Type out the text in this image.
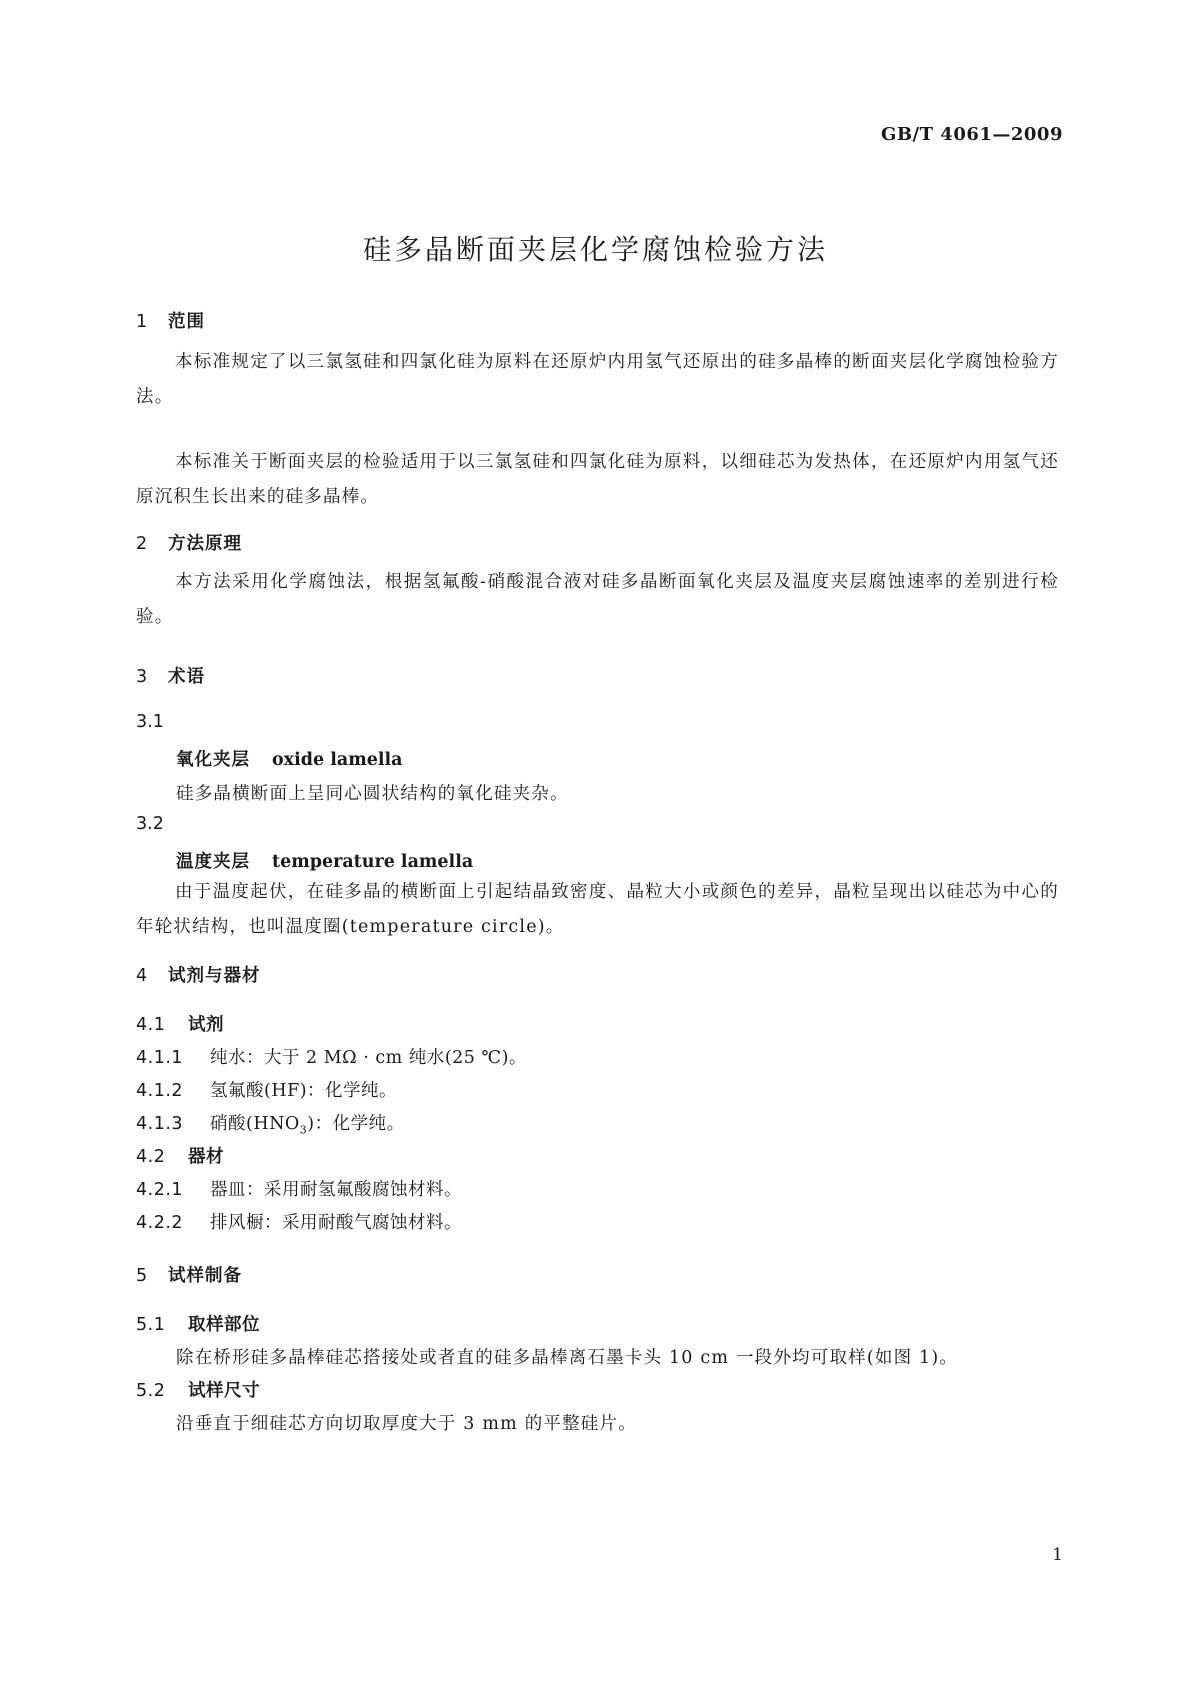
GB/T 4061—2009
硅多晶断面夹层化学腐蚀检验方法
1 范围

本标准规定了以三氯氢硅和四氯化硅为原料在还原炉内用氢气还原出的硅多晶棒的断面夹层化学腐蚀检验方法。

本标准关于断面夹层的检验适用于以三氯氢硅和四氯化硅为原料，以细硅芯为发热体，在还原炉内用氢气还原沉积生长出来的硅多晶棒。

2 方法原理

本方法采用化学腐蚀法，根据氢氟酸-硝酸混合液对硅多晶断面氧化夹层及温度夹层腐蚀速率的差别进行检验。

3 术语
3.1
氧化夹层 oxide lamella
硅多晶横断面上呈同心圆状结构的氧化硅夹杂。
3.2
温度夹层 temperature lamella

由于温度起伏，在硅多晶的横断面上引起结晶致密度、晶粒大小或颜色的差异，晶粒呈现出以硅芯为中心的年轮状结构，也叫温度圈(temperature circle)。

4 试剂与器材
4.1 试剂
4.1.1 纯水：大于 2 MΩ · cm 纯水(25 ℃)。
4.1.2 氢氟酸(HF)：化学纯。
4.1.3 硝酸$(HNO_3)$：化学纯。
4.2 器材
4.2.1 器皿：采用耐氢氟酸腐蚀材料。
4.2.2 排风橱：采用耐酸气腐蚀材料。
5 试样制备
5.1 取样部位
除在桥形硅多晶棒硅芯搭接处或者直的硅多晶棒离石墨卡头 10 cm 一段外均可取样(如图 1)。
5.2 试样尺寸
沿垂直于细硅芯方向切取厚度大于 3 mm 的平整硅片。
1
